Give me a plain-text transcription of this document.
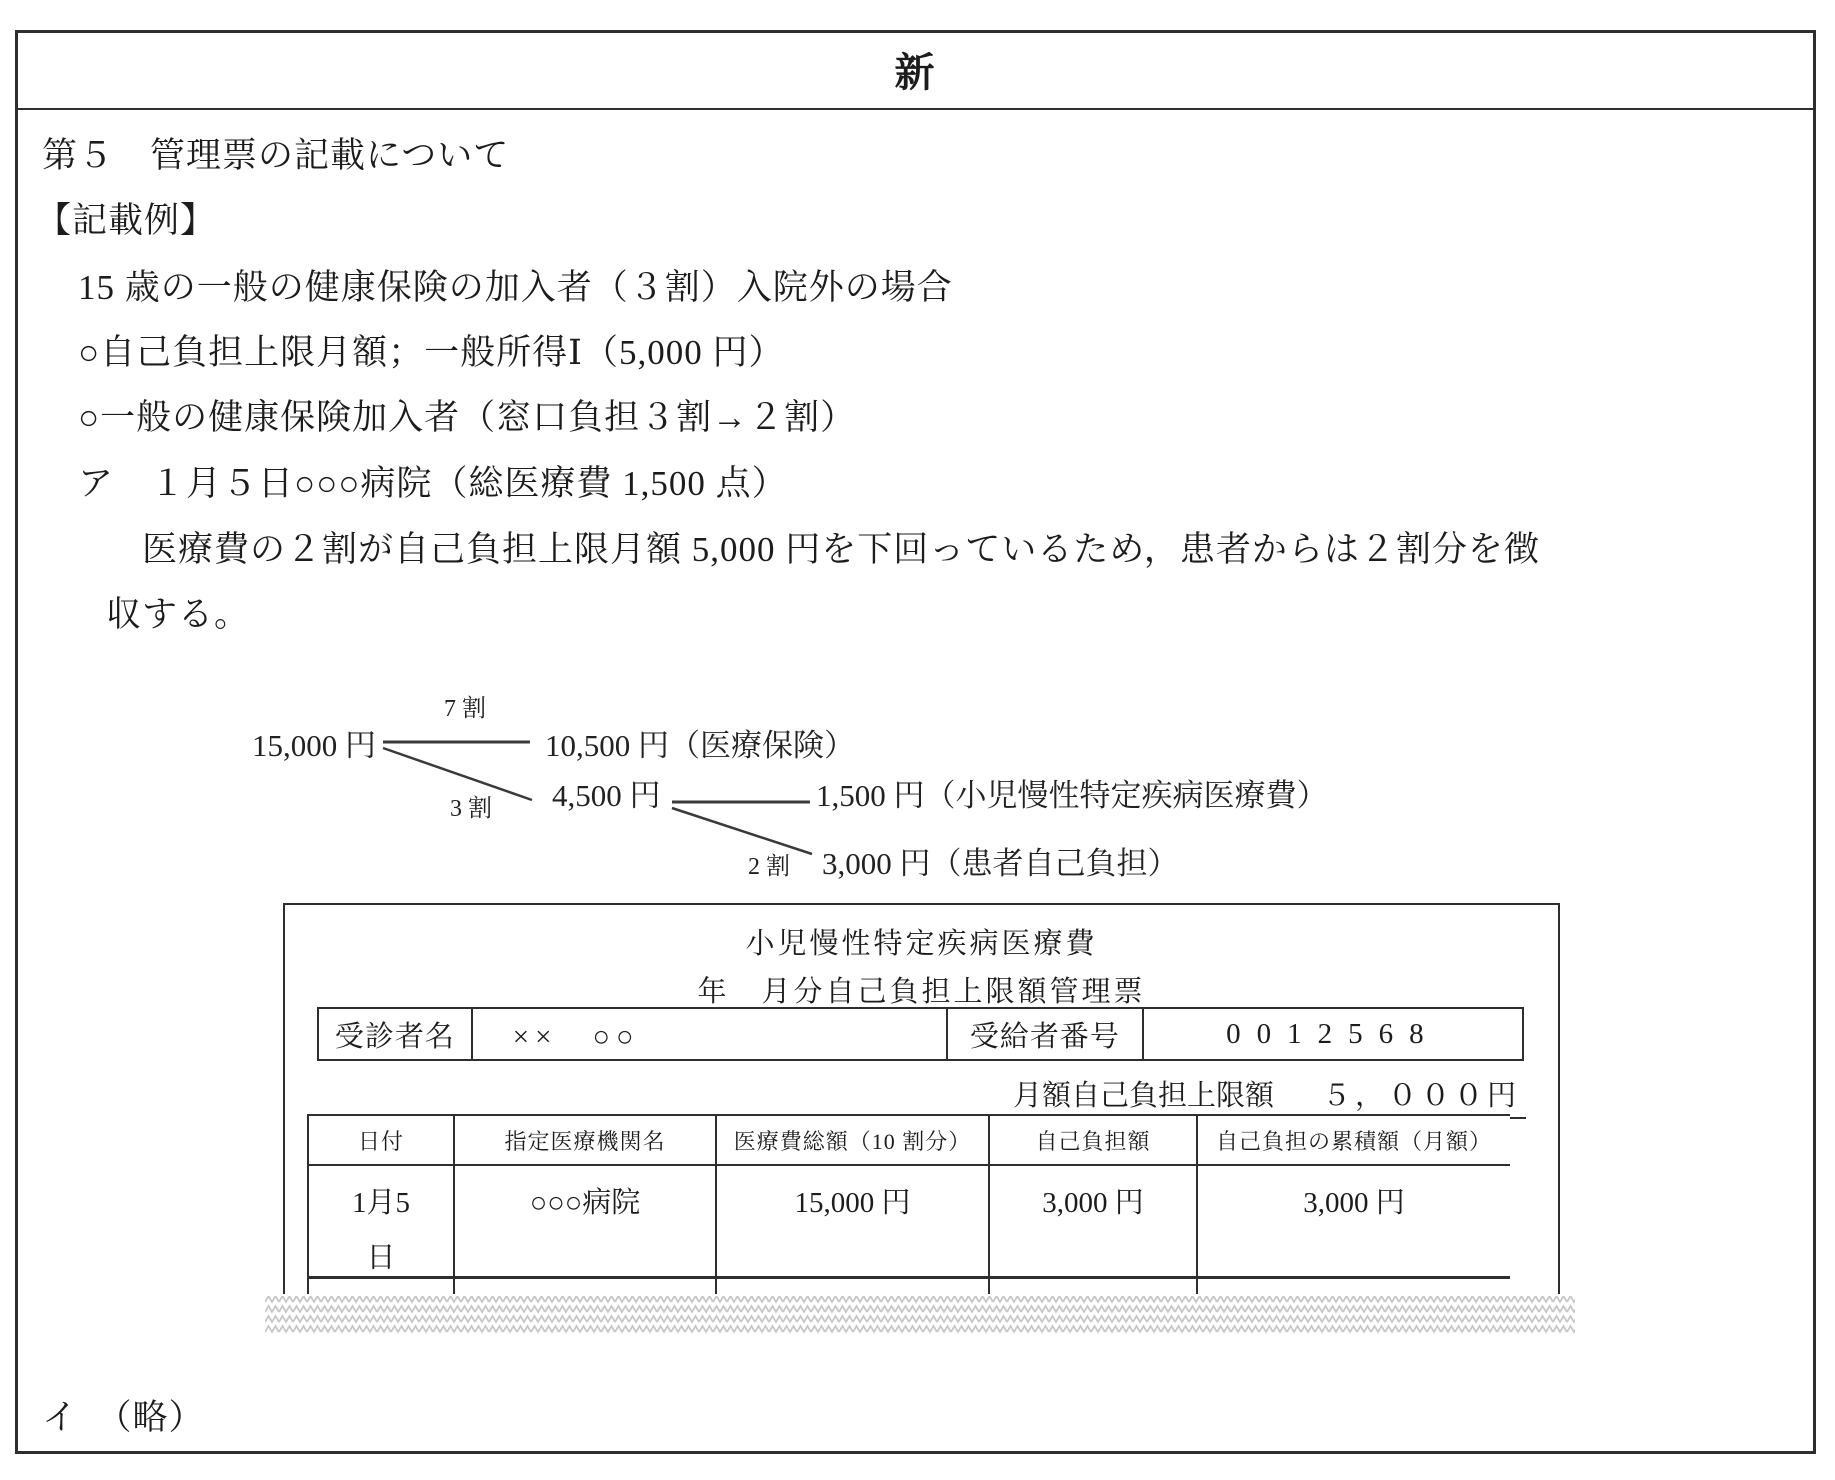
新
第５　管理票の記載について
【記載例】
15 歳の一般の健康保険の加入者（３割）入院外の場合
○自己負担上限月額；一般所得Ⅰ（5,000 円）
○一般の健康保険加入者（窓口負担３割→２割）
ア　１月５日○○○病院（総医療費 1,500 点）
医療費の２割が自己負担上限月額 5,000 円を下回っているため，患者からは２割分を徴
収する。
15,000 円
7 割
10,500 円（医療保険）
3 割 4,500 円	1,500 円（小児慢性特定疾病医療費）
2 割 3,000 円（患者自己負担）
小児慢性特定疾病医療費
年　月分自己負担上限額管理票
受診者名	××　○○	受給者番号	0012568
月額自己負担上限額 ５，０００円
日付	指定医療機関名	医療費総額（10 割分）	自己負担額	自己負担の累積額（月額）
1月5
日	○○○病院	15,000 円	3,000 円	3,000 円

イ　（略）
